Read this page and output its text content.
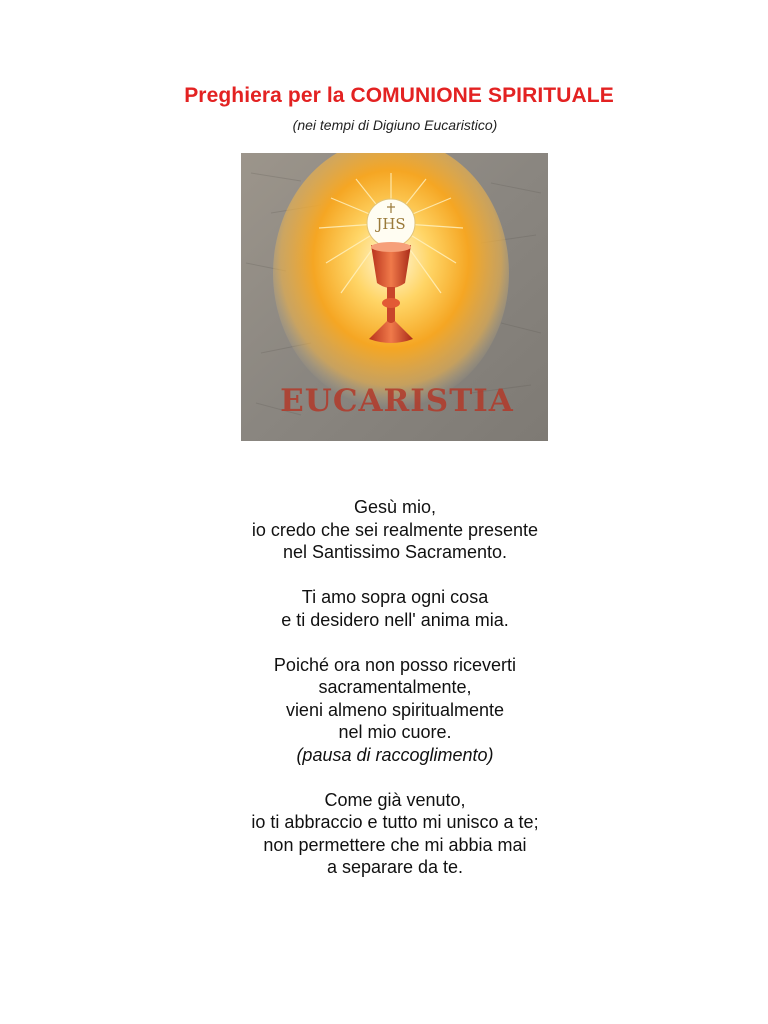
Preghiera per la COMUNIONE SPIRITUALE
(nei tempi di Digiuno Eucaristico)
JHS
EUCARISTIA
Gesù mio,
io credo che sei realmente presente
nel Santissimo Sacramento.
Ti amo sopra ogni cosa
e ti desidero nell' anima mia.
Poiché ora non posso riceverti
sacramentalmente,
vieni almeno spiritualmente
nel mio cuore.
(pausa di raccoglimento)
Come già venuto,
io ti abbraccio e tutto mi unisco a te;
non permettere che mi abbia mai
a separare da te.
